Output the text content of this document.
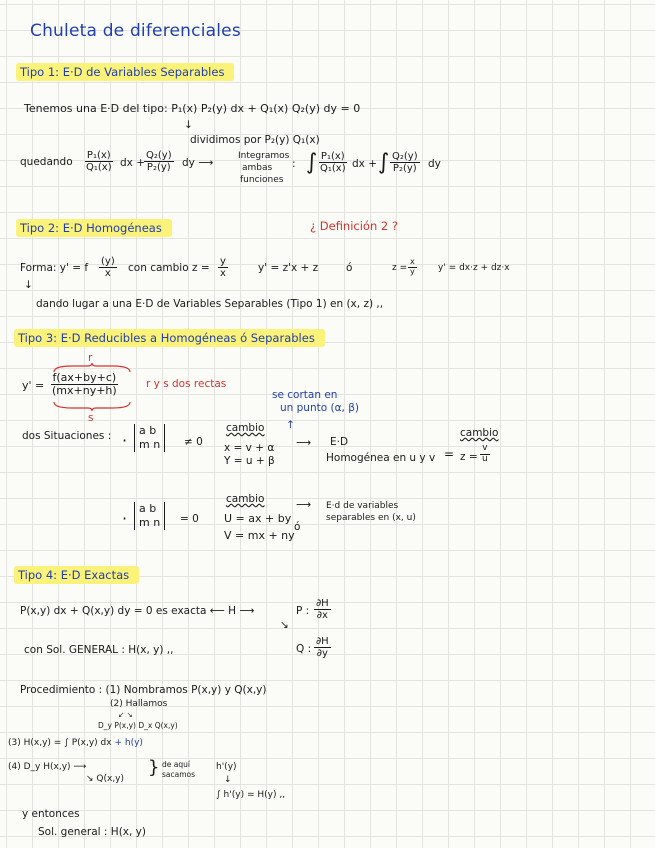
Chuleta de diferenciales
Tipo 1: E·D de Variables Separables
Tenemos una E·D del tipo: P₁(x) P₂(y) dx + Q₁(x) Q₂(y) dy = 0
↓
dividimos por P₂(y) Q₁(x)
quedando $\frac{\text{P₁(x)}}{\text{Q₁(x)}}$ dx +
$\frac{\text{Q₂(y)}}{\text{P₂(y)}}$ dy ⟶
Integramos
ambas
funciones
: ∫ $\frac{\text{P₁(x)}}{\text{Q₁(x)}}$ dx + ∫ $\frac{\text{Q₂(y)}}{\text{P₂(y)}}$ dy
Tipo 2: E·D Homogéneas	¿ Definición 2 ?
Forma: y' = f $\frac{(y)}{x}$ con cambio $z = \frac{y}{x}$	y' = z'x + z	ó	$z = \frac{x}{y} y' = dx\cdot z + dz\cdot x$
↓
dando lugar a una E·D de Variables Separables (Tipo 1) en (x, z) ,,
Tipo 3: E·D Reducibles a Homogéneas ó Separables
r
$y' = \frac{f(ax+by+c)}{(mx+ny+h)}$
s
r y s dos rectas
se cortan en
un punto (α, β)
↑
dos Situaciones : ·
a b
m n ≠ 0
cambio
x = v + α
Y = u + β
⟶ E·D
Homogénea en u y v =
cambio
$z = \frac{v}{u}$
·
a b
m n = 0
cambio
U = ax + by
ó
V = mx + ny
⟶ E·d de variables
separables en (x, u)
Tipo 4: E·D Exactas
P(x,y) dx + Q(x,y) dy = 0 es exacta ⟵ H ⟶	P : $\frac{\partial H}{\partial x}$
↘
Q : $\frac{\partial H}{\partial y}$
con Sol. GENERAL : H(x, y) ,,
Procedimiento : (1) Nombramos P(x,y) y Q(x,y)
(2) Hallamos
↙ ↘
D_y P(x,y) D_x Q(x,y)
(3) H(x,y) = ∫ P(x,y) dx + h(y)
(4) D_y H(x,y) ⟶
↘ Q(x,y)
} de aquí
sacamos
h'(y)
↓
∫ h'(y) = H(y) ,,
y entonces
Sol. general : H(x, y)
